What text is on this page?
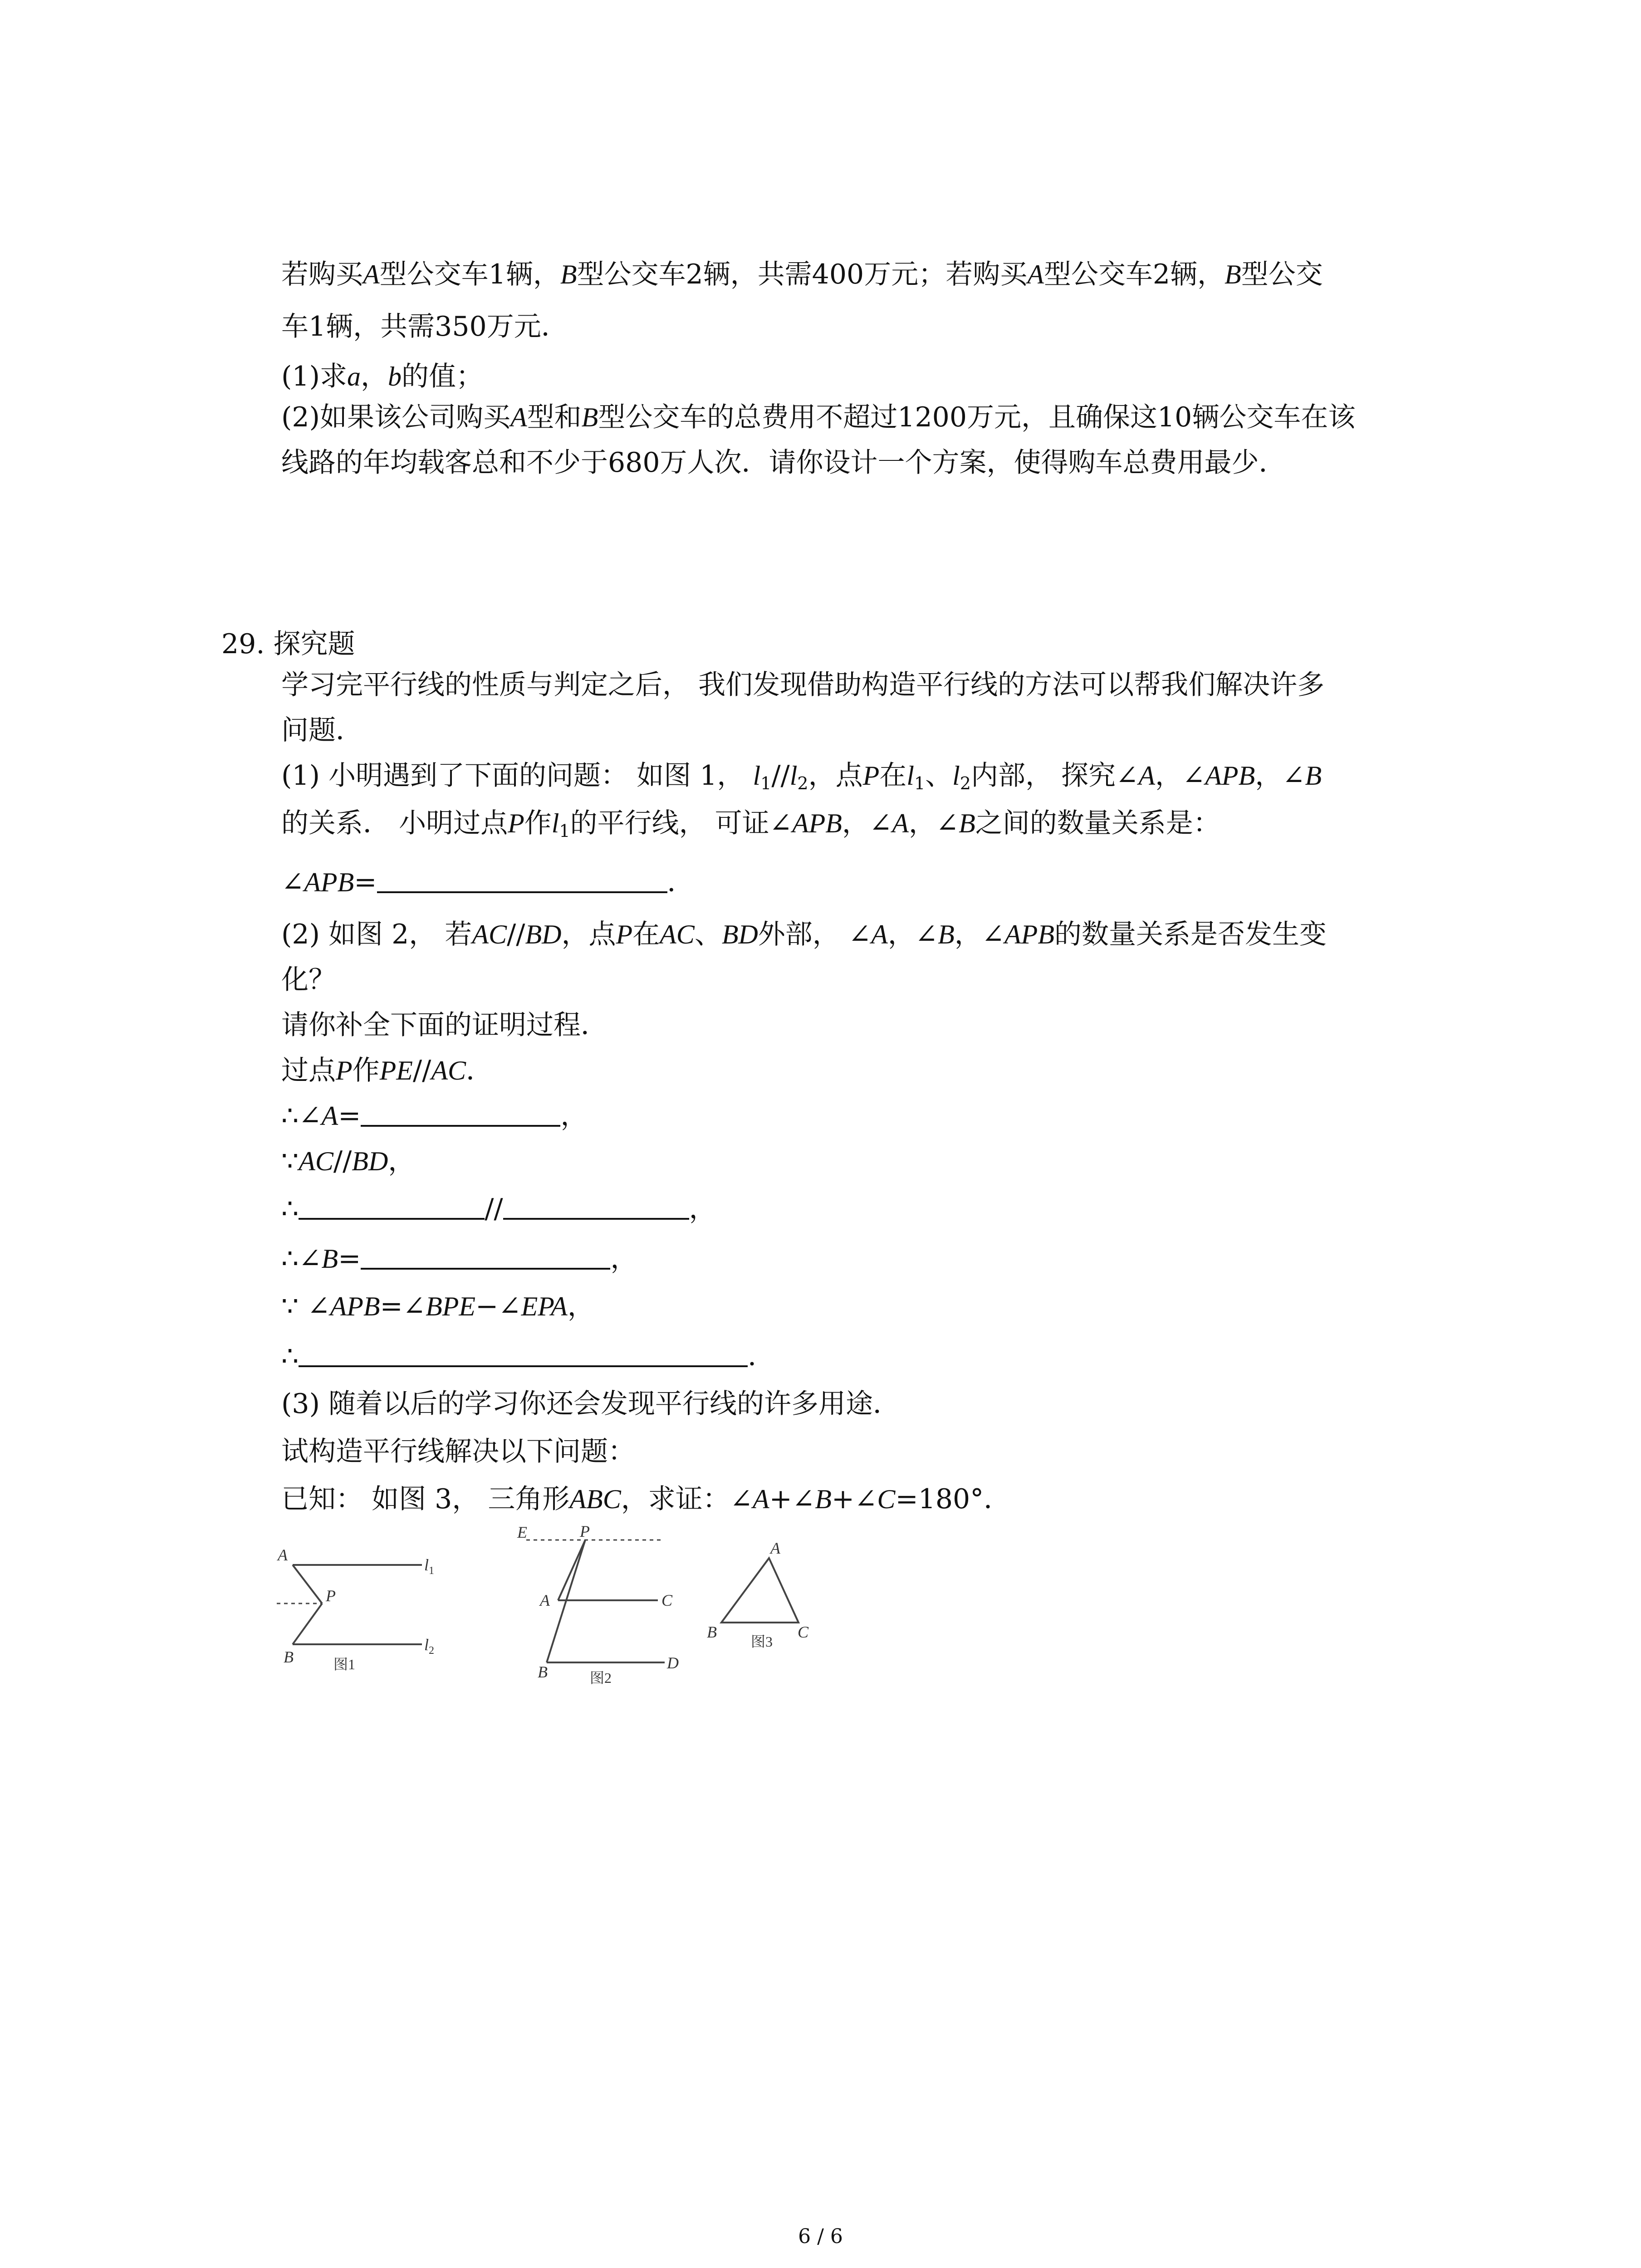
若购买A型公交车1辆，B型公交车2辆，共需400万元；若购买A型公交车2辆，B型公交
车1辆，共需350万元．
(1)求a，b的值；
(2)如果该公司购买A型和B型公交车的总费用不超过1200万元，且确保这10辆公交车在该
线路的年均载客总和不少于680万人次．请你设计一个方案，使得购车总费用最少．
29. 探究题
学习完平行线的性质与判定之后， 我们发现借助构造平行线的方法可以帮我们解决许多
问题．
(1) 小明遇到了下面的问题： 如图 1， $l_1//l_2$，点P在$l_1$、$l_2$内部， 探究∠A，∠APB，∠B
的关系． 小明过点P作$l_1$的平行线， 可证∠APB，∠A，∠B之间的数量关系是：
∠APB=	．
(2) 如图 2， 若AC//BD，点P在AC、BD外部， ∠A，∠B，∠APB的数量关系是否发生变
化？
请你补全下面的证明过程．
过点P作PE//AC．
∴∠A=	，
∵AC//BD，
∴	//	，
∴∠B=	，
∵ ∠APB=∠BPE−∠EPA，
∴	．
(3) 随着以后的学习你还会发现平行线的许多用途．
试构造平行线解决以下问题：
已知： 如图 3， 三角形ABC，求证：∠A+∠B+∠C=180°．
A
P
B
$l_1$
$l_2$
图1
E	P
A	C
B	D
图2
A
B	C
图3
6 / 6
